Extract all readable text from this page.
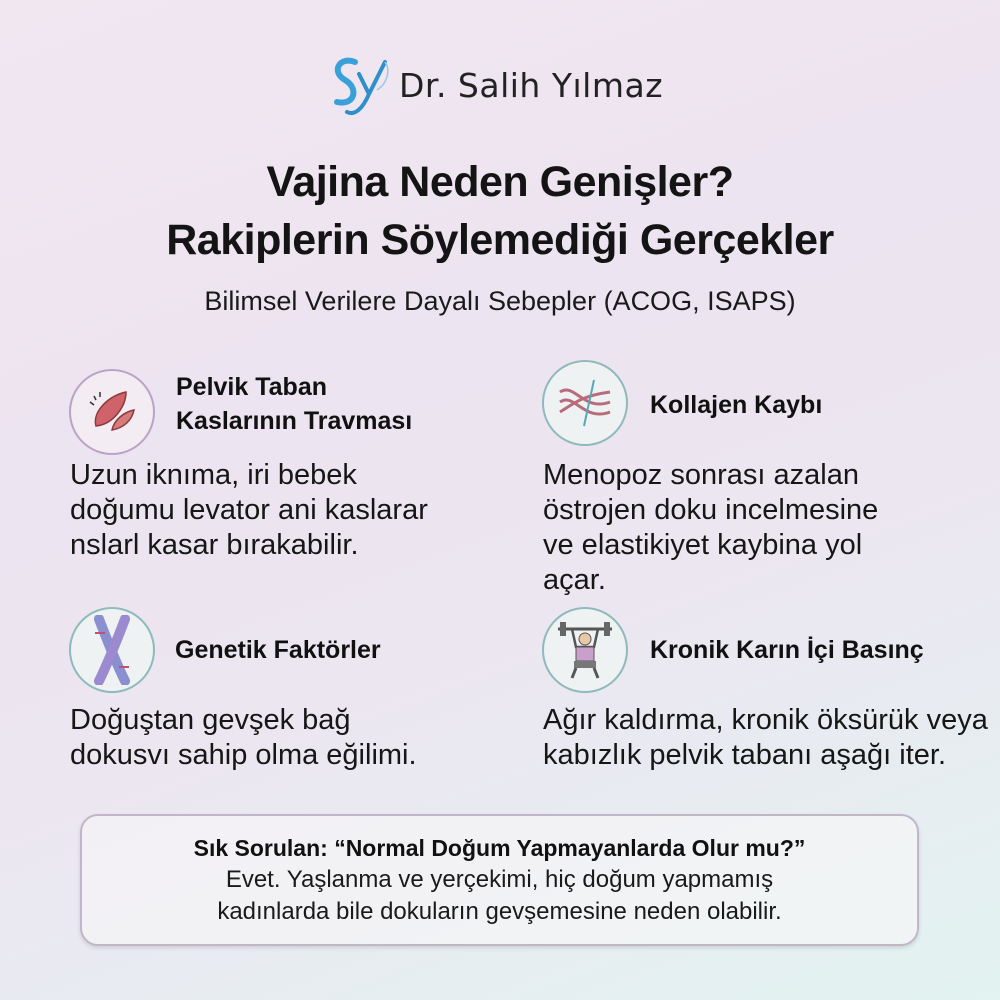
Dr. Salih Yılmaz
Vajina Neden Genişler?
Rakiplerin Söylemediği Gerçekler
Bilimsel Verilere Dayalı Sebepler (ACOG, ISAPS)
Pelvik Taban
Kaslarının Travması
Uzun iknıma, iri bebek
doğumu levator ani kaslarar
nslarl kasar bırakabilir.
Kollajen Kaybı
Menopoz sonrası azalan
östrojen doku incelmesine
ve elastikiyet kaybina yol
açar.
Genetik Faktörler
Doğuştan gevşek bağ
dokusvı sahip olma eğilimi.
Kronik Karın İçi Basınç
Ağır kaldırma, kronik öksürük veya
kabızlık pelvik tabanı aşağı iter.
Sık Sorulan: “Normal Doğum Yapmayanlarda Olur mu?”
Evet. Yaşlanma ve yerçekimi, hiç doğum yapmamış
kadınlarda bile dokuların gevşemesine neden olabilir.
